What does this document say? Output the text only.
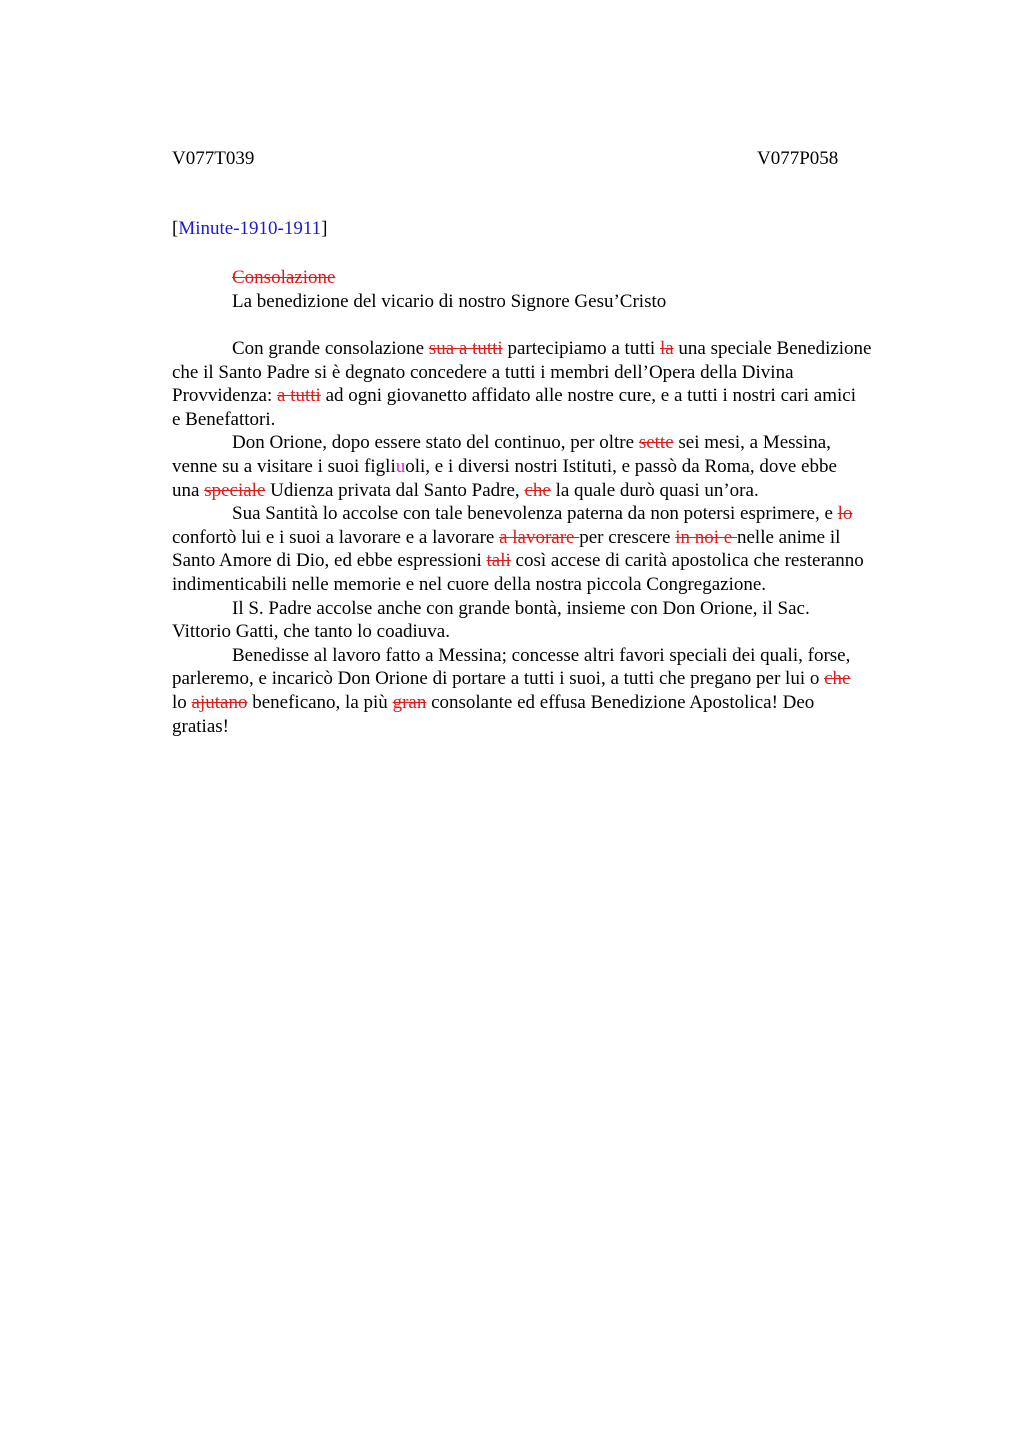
V077T039	V077P058
[Minute-1910-1911]
Consolazione
La benedizione del vicario di nostro Signore Gesu’Cristo
Con grande consolazione sua a tutti partecipiamo a tutti la una speciale Benedizione
che il Santo Padre si è degnato concedere a tutti i membri dell’Opera della Divina
Provvidenza: a tutti ad ogni giovanetto affidato alle nostre cure, e a tutti i nostri cari amici
e Benefattori.
Don Orione, dopo essere stato del continuo, per oltre sette sei mesi, a Messina,
venne su a visitare i suoi figliuoli, e i diversi nostri Istituti, e passò da Roma, dove ebbe
una speciale Udienza privata dal Santo Padre, che la quale durò quasi un’ora.
Sua Santità lo accolse con tale benevolenza paterna da non potersi esprimere, e lo
confortò lui e i suoi a lavorare e a lavorare a lavorare per crescere in noi e nelle anime il
Santo Amore di Dio, ed ebbe espressioni tali così accese di carità apostolica che resteranno
indimenticabili nelle memorie e nel cuore della nostra piccola Congregazione.
Il S. Padre accolse anche con grande bontà, insieme con Don Orione, il Sac.
Vittorio Gatti, che tanto lo coadiuva.
Benedisse al lavoro fatto a Messina; concesse altri favori speciali dei quali, forse,
parleremo, e incaricò Don Orione di portare a tutti i suoi, a tutti che pregano per lui o che
lo ajutano beneficano, la più gran consolante ed effusa Benedizione Apostolica! Deo
gratias!
